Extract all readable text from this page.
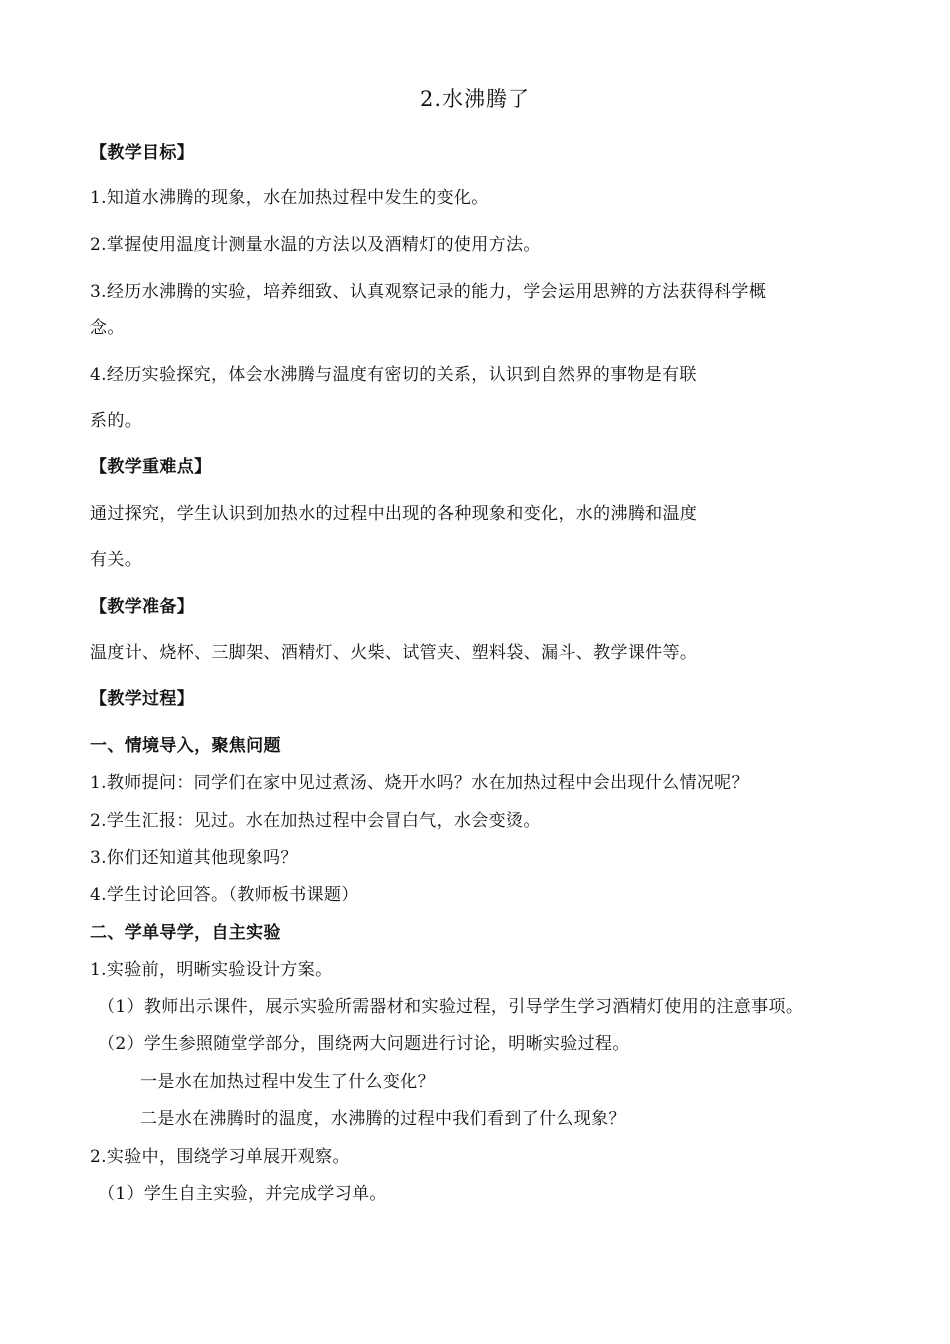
2.水沸腾了
【教学目标】
1.知道水沸腾的现象，水在加热过程中发生的变化。
2.掌握使用温度计测量水温的方法以及酒精灯的使用方法。
3.经历水沸腾的实验，培养细致、认真观察记录的能力，学会运用思辨的方法获得科学概
念。
4.经历实验探究，体会水沸腾与温度有密切的关系，认识到自然界的事物是有联
系的。
【教学重难点】
通过探究，学生认识到加热水的过程中出现的各种现象和变化，水的沸腾和温度
有关。
【教学准备】
温度计、烧杯、三脚架、酒精灯、火柴、试管夹、塑料袋、漏斗、教学课件等。
【教学过程】
一、情境导入，聚焦问题
1.教师提问：同学们在家中见过煮汤、烧开水吗？水在加热过程中会出现什么情况呢？
2.学生汇报：见过。水在加热过程中会冒白气，水会变烫。
3.你们还知道其他现象吗？
4.学生讨论回答。（教师板书课题）
二、学单导学，自主实验
1.实验前，明晰实验设计方案。
（1）教师出示课件，展示实验所需器材和实验过程，引导学生学习酒精灯使用的注意事项。
（2）学生参照随堂学部分，围绕两大问题进行讨论，明晰实验过程。
一是水在加热过程中发生了什么变化？
二是水在沸腾时的温度，水沸腾的过程中我们看到了什么现象？
2.实验中，围绕学习单展开观察。
（1）学生自主实验，并完成学习单。
